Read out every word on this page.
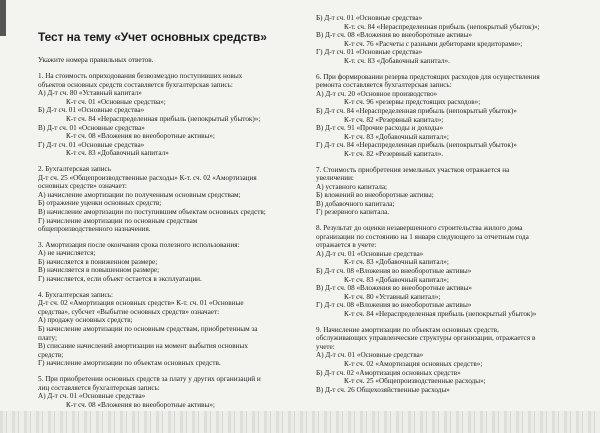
Тест на тему «Учет основных средств»

Укажите номера правильных ответов.

1. На стоимость оприходования безвозмездно поступивших новых

объектов основных средств составляется бухгалтерская запись:

А) Д-т сч. 80 «Уставный капитал»

К-т сч. 01 «Основные средства»;

Б) Д-т сч. 01 «Основные средства»

К-т сч. 84 «Нераспределенная прибыль (непокрытый убыток)»;

В) Д-т сч. 01 «Основные средства»

К-т сч. 08 «Вложения во внеоборотные активы»;

Г) Д-т сч. 01 «Основные средства»

К-т сч. 83 «Добавочный капитал»

2. Бухгалтерская запись

Д-т сч. 25 «Общепроизводственные расходы» К-т. сч. 02 «Амортизация

основных средств» означает:

А) начисление амортизации по полученным основным средствам;

Б) отражение уценки основных средств;

В) начисление амортизации по поступившим объектам основных средств;

Г) начисление амортизации по основным средствам

общепроизводственного назначения.

3. Амортизация после окончания срока полезного использования:

А) не начисляется;

Б) начисляется в пониженном размере;

В) начисляется в повышенном размере;

Г) начисляется, если объект остается в эксплуатации.

4. Бухгалтерская запись:

Д-т сч. 02 «Амортизация основных средств» К-т. сч. 01 «Основные

средства», субсчет «Выбытие основных средств» означает:

А) продажу основных средств;

Б) начисление амортизации по основным средствам, приобретенным за

плату;

В) списание начислений амортизации на момент выбытия основных

средств;

Г) начисление амортизации по объектам основных средств.

5. При приобретении основных средств за плату у других организаций и

лиц составляется бухгалтерская запись:

А) Д-т сч. 01 «Основные средства»

К-т сч. 08 «Вложения во внеоборотные активы»;

Б) Д-т сч. 01 «Основные средства»

К-т. сч. 84 «Нераспределенная прибыль (непокрытый убыток)»;

В) Д-т сч. 08 «Вложения во внеоборотные активы»

К-т сч. 76 «Расчеты с разными дебиторами кредиторами»;

Г) Д-т сч. 01 «Основные средства»

К-т. сч. 83 «Добавочный капитал».

6. При формировании резерва предстоящих расходов для осуществления

ремонта составляется бухгалтерская запись:

А) Д-т сч. 20 «Основное производство»

К-т сч. 96 «резервы предстоящих расходов»;

Б) Д-т сч. 84 «Нераспределенная прибыль (непокрытый убыток)»

К-т сч. 82 «Резервный капитал»;

В) Д-т сч. 91 «Прочие расходы и доходы»

К-т сч. 83 «Добавочный капитал»;

Г) Д-т сч. 84 «Нераспределенная прибыль (непокрытый убыток)»

К-т сч. 82 «Резервный капитал».

7. Стоимость приобретения земельных участков отражается на

увеличении:

А) уставного капитала;

Б) вложений во внеоборотные активы;

В) добавочного капитала;

Г) резервного капитала.

8. Результат до оценки незавершенного строительства жилого дома

организации по состоянию на 1 января следующего за отчетным года

отражается в учете:

А) Д-т сч. 01 «Основные средства»

К-т сч. 83 «Добавочный капитал»;

Б) Д-т сч. 08 «Вложения во внеоборотные активы»

К-т сч. 83 «Добавочный капитал»;

В) Д-т сч. 08 «Вложения во внеоборотные активы»

К-т сч. 80 «Уставный капитал»;

Г) Д-т сч. 08 «Вложения во внеоборотные активы»

К-т сч. 84 «Нераспределенная прибыль (непокрытый убыток)»

9. Начисление амортизации по объектам основных средств,

обслуживающих управленческие структуры организации, отражается в

учете:

А) Д-т сч. 01 «Основные средства»

К-т сч. 02 «Амортизация основных средств»;

Б) Д-т сч. 02 «Амортизация основных средств»

К-т сч. 25 «Общепроизводственные расходы»;

В) Д-т сч. 26 Общехозяйственные расходы»
